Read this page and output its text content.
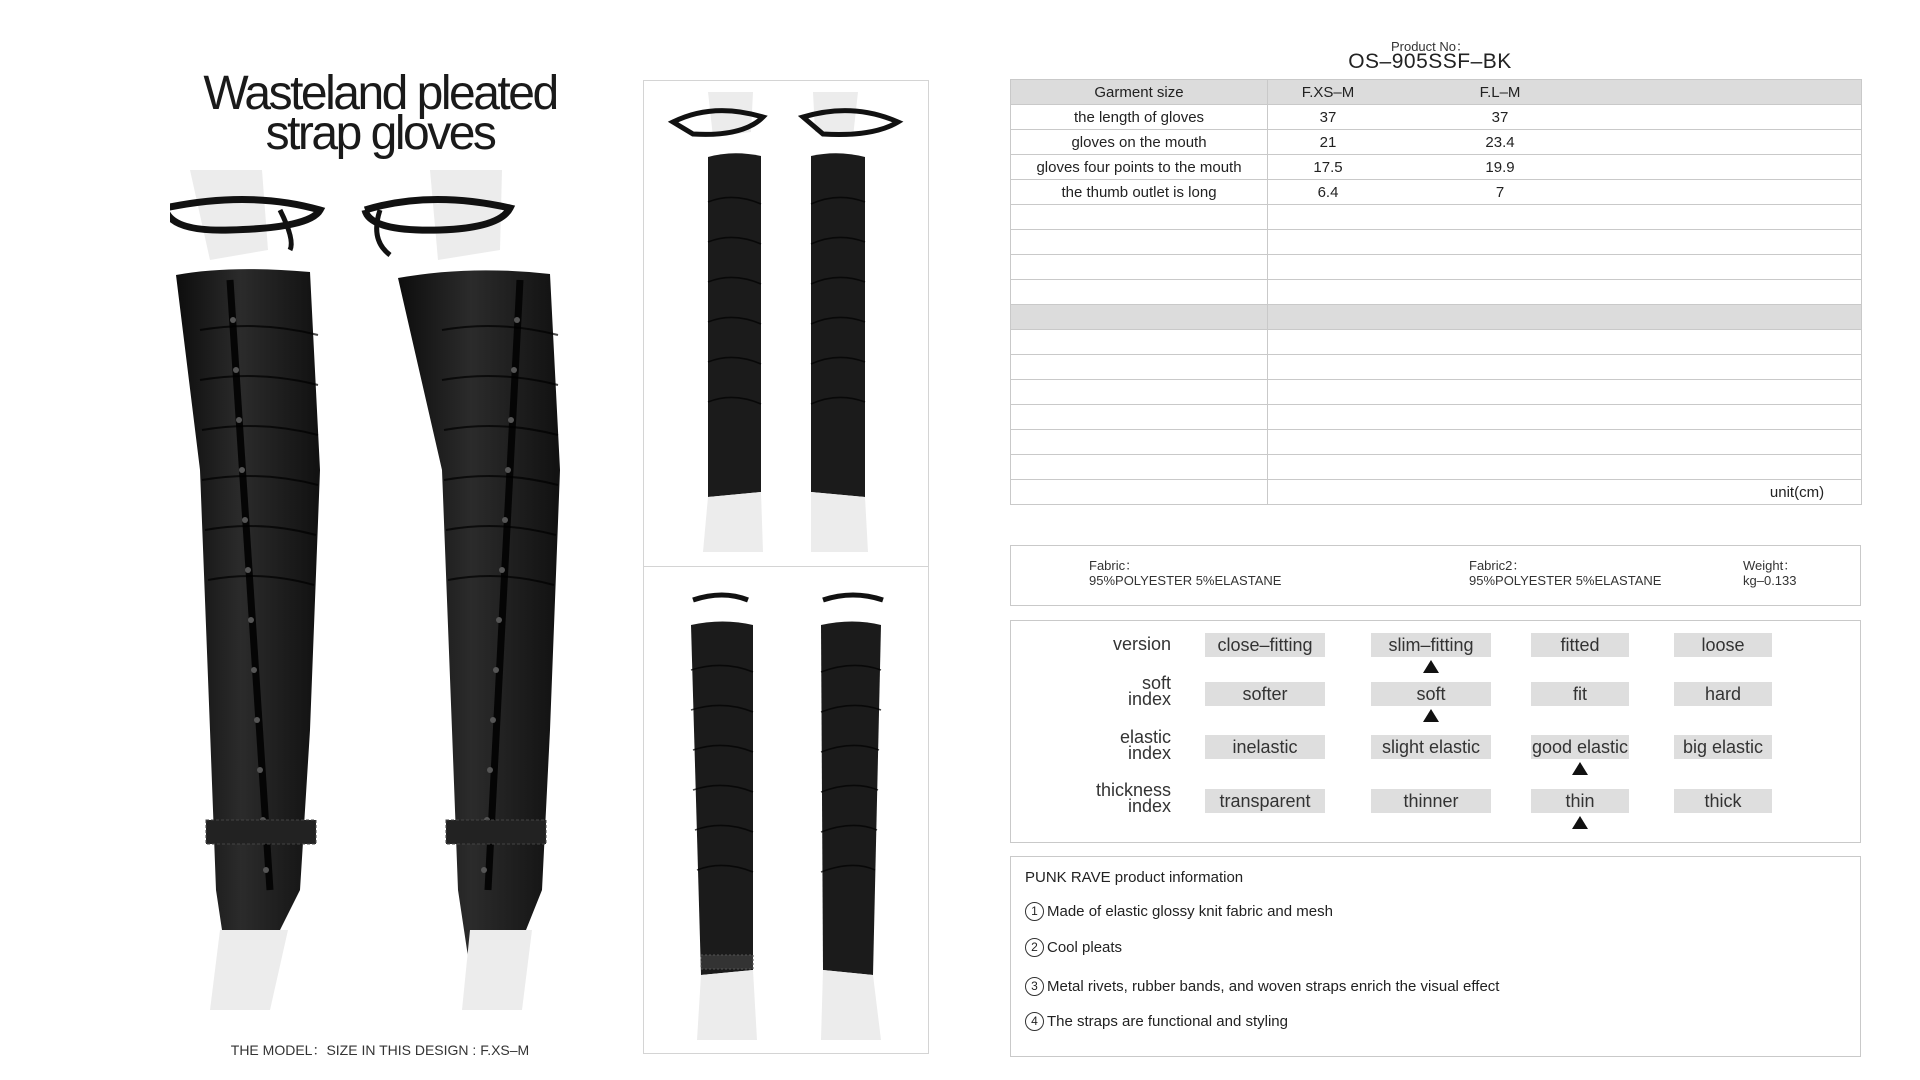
Wasteland pleated
strap gloves
THE MODEL：SIZE IN THIS DESIGN : F.XS–M
Product No：
OS–905SSF–BK
Garment size	F.XS–M F.L–M

the length of gloves	37 37

gloves on the mouth	21 23.4

gloves four points to the mouth	17.5 19.9

the thumb outlet is long	6.4 7

	unit(cm)
Fabric：
95%POLYESTER 5%ELASTANE
Fabric2：
95%POLYESTER 5%ELASTANE
Weight：
kg–0.133
version	close–fitting	slim–fitting	fitted	loose
soft
index	softer	soft	fit	hard
elastic
index	inelastic	slight elastic	good elastic	big elastic
thickness
index	transparent	thinner	thin	thick
PUNK RAVE product information
1 Made of elastic glossy knit fabric and mesh
2 Cool pleats
3 Metal rivets, rubber bands, and woven straps enrich the visual effect
4 The straps are functional and styling
